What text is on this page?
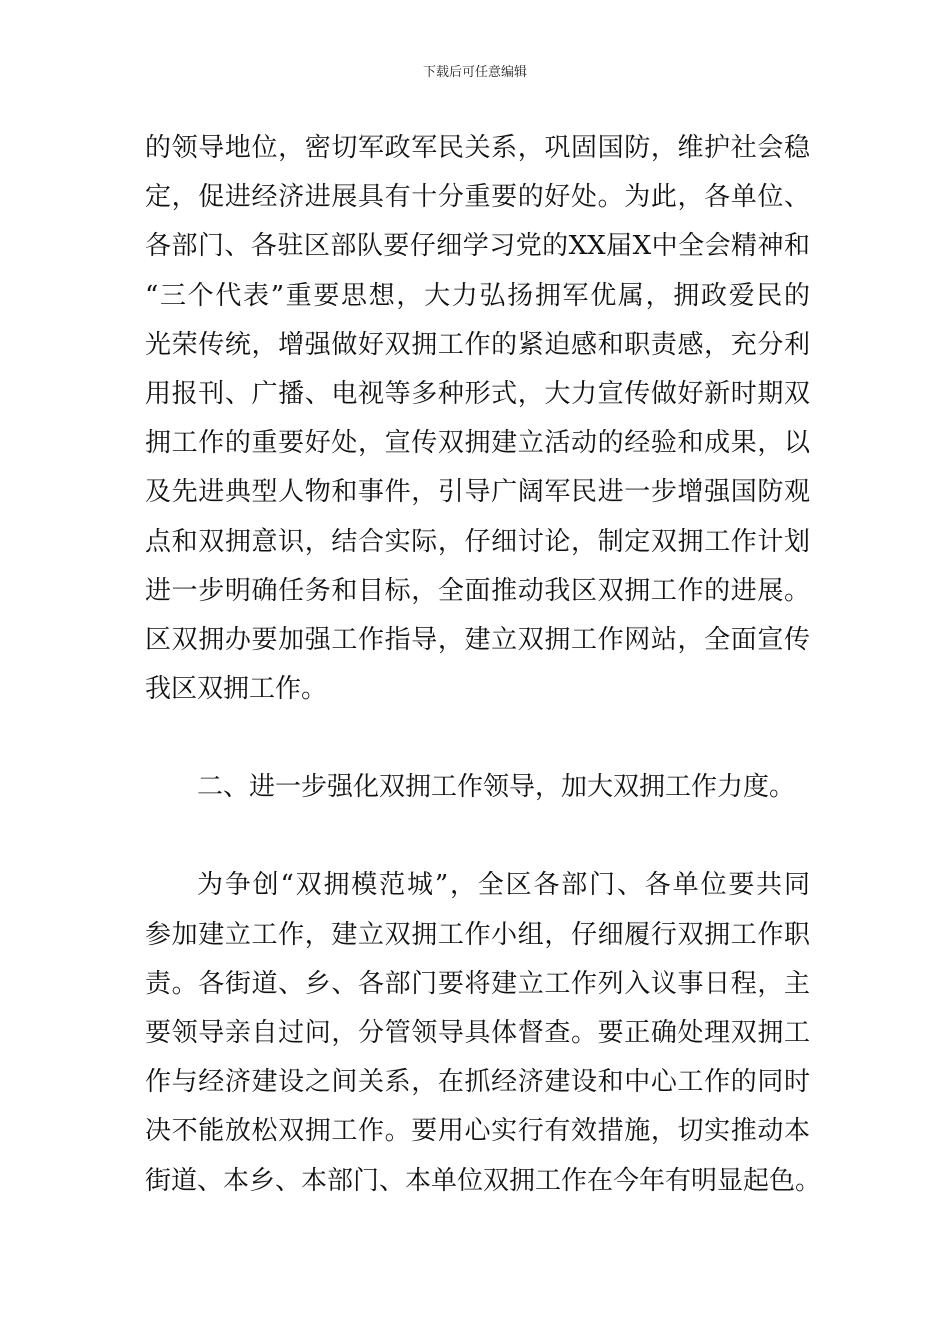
下载后可任意编辑
的领导地位，密切军政军民关系，巩固国防，维护社会稳
定，促进经济进展具有十分重要的好处。为此，各单位、
各部门、各驻区部队要仔细学习党的XX届X中全会精神和
“三个代表”重要思想，大力弘扬拥军优属，拥政爱民的
光荣传统，增强做好双拥工作的紧迫感和职责感，充分利
用报刊、广播、电视等多种形式，大力宣传做好新时期双
拥工作的重要好处，宣传双拥建立活动的经验和成果，以
及先进典型人物和事件，引导广阔军民进一步增强国防观
点和双拥意识，结合实际，仔细讨论，制定双拥工作计划
进一步明确任务和目标，全面推动我区双拥工作的进展。
区双拥办要加强工作指导，建立双拥工作网站，全面宣传
我区双拥工作。
二、进一步强化双拥工作领导，加大双拥工作力度。
为争创“双拥模范城”，全区各部门、各单位要共同
参加建立工作，建立双拥工作小组，仔细履行双拥工作职
责。各街道、乡、各部门要将建立工作列入议事日程，主
要领导亲自过问，分管领导具体督查。要正确处理双拥工
作与经济建设之间关系，在抓经济建设和中心工作的同时
决不能放松双拥工作。要用心实行有效措施，切实推动本
街道、本乡、本部门、本单位双拥工作在今年有明显起色。
